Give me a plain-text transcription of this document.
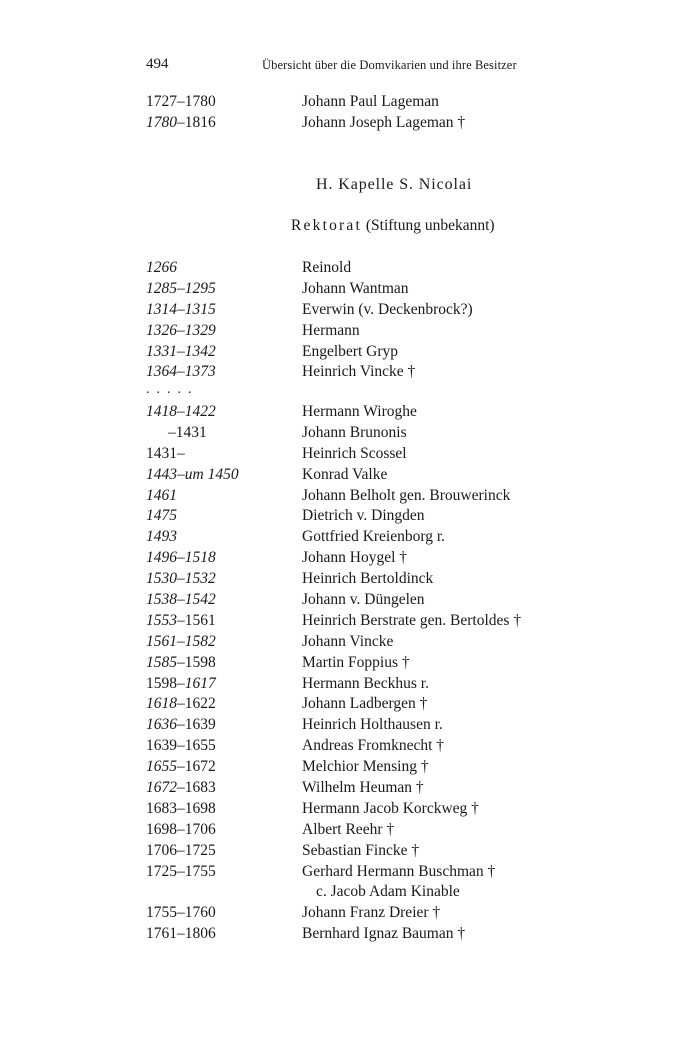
494	Übersicht über die Domvikarien und ihre Besitzer
1727–1780	Johann Paul Lageman
1780–1816	Johann Joseph Lageman †
H. Kapelle S. Nicolai
Rektorat (Stiftung unbekannt)
1266	Reinold
1285–1295	Johann Wantman
1314–1315	Everwin (v. Deckenbrock?)
1326–1329	Hermann
1331–1342	Engelbert Gryp
1364–1373	Heinrich Vincke †
.....
1418–1422	Hermann Wiroghe
–1431	Johann Brunonis
1431–	Heinrich Scossel
1443–um 1450	Konrad Valke
1461	Johann Belholt gen. Brouwerinck
1475	Dietrich v. Dingden
1493	Gottfried Kreienborg r.
1496–1518	Johann Hoygel †
1530–1532	Heinrich Bertoldinck
1538–1542	Johann v. Düngelen
1553–1561	Heinrich Berstrate gen. Bertoldes †
1561–1582	Johann Vincke
1585–1598	Martin Foppius †
1598–1617	Hermann Beckhus r.
1618–1622	Johann Ladbergen †
1636–1639	Heinrich Holthausen r.
1639–1655	Andreas Fromknecht †
1655–1672	Melchior Mensing †
1672–1683	Wilhelm Heuman †
1683–1698	Hermann Jacob Korckweg †
1698–1706	Albert Reehr †
1706–1725	Sebastian Fincke †
1725–1755	Gerhard Hermann Buschman †
c. Jacob Adam Kinable
1755–1760	Johann Franz Dreier †
1761–1806	Bernhard Ignaz Bauman †
